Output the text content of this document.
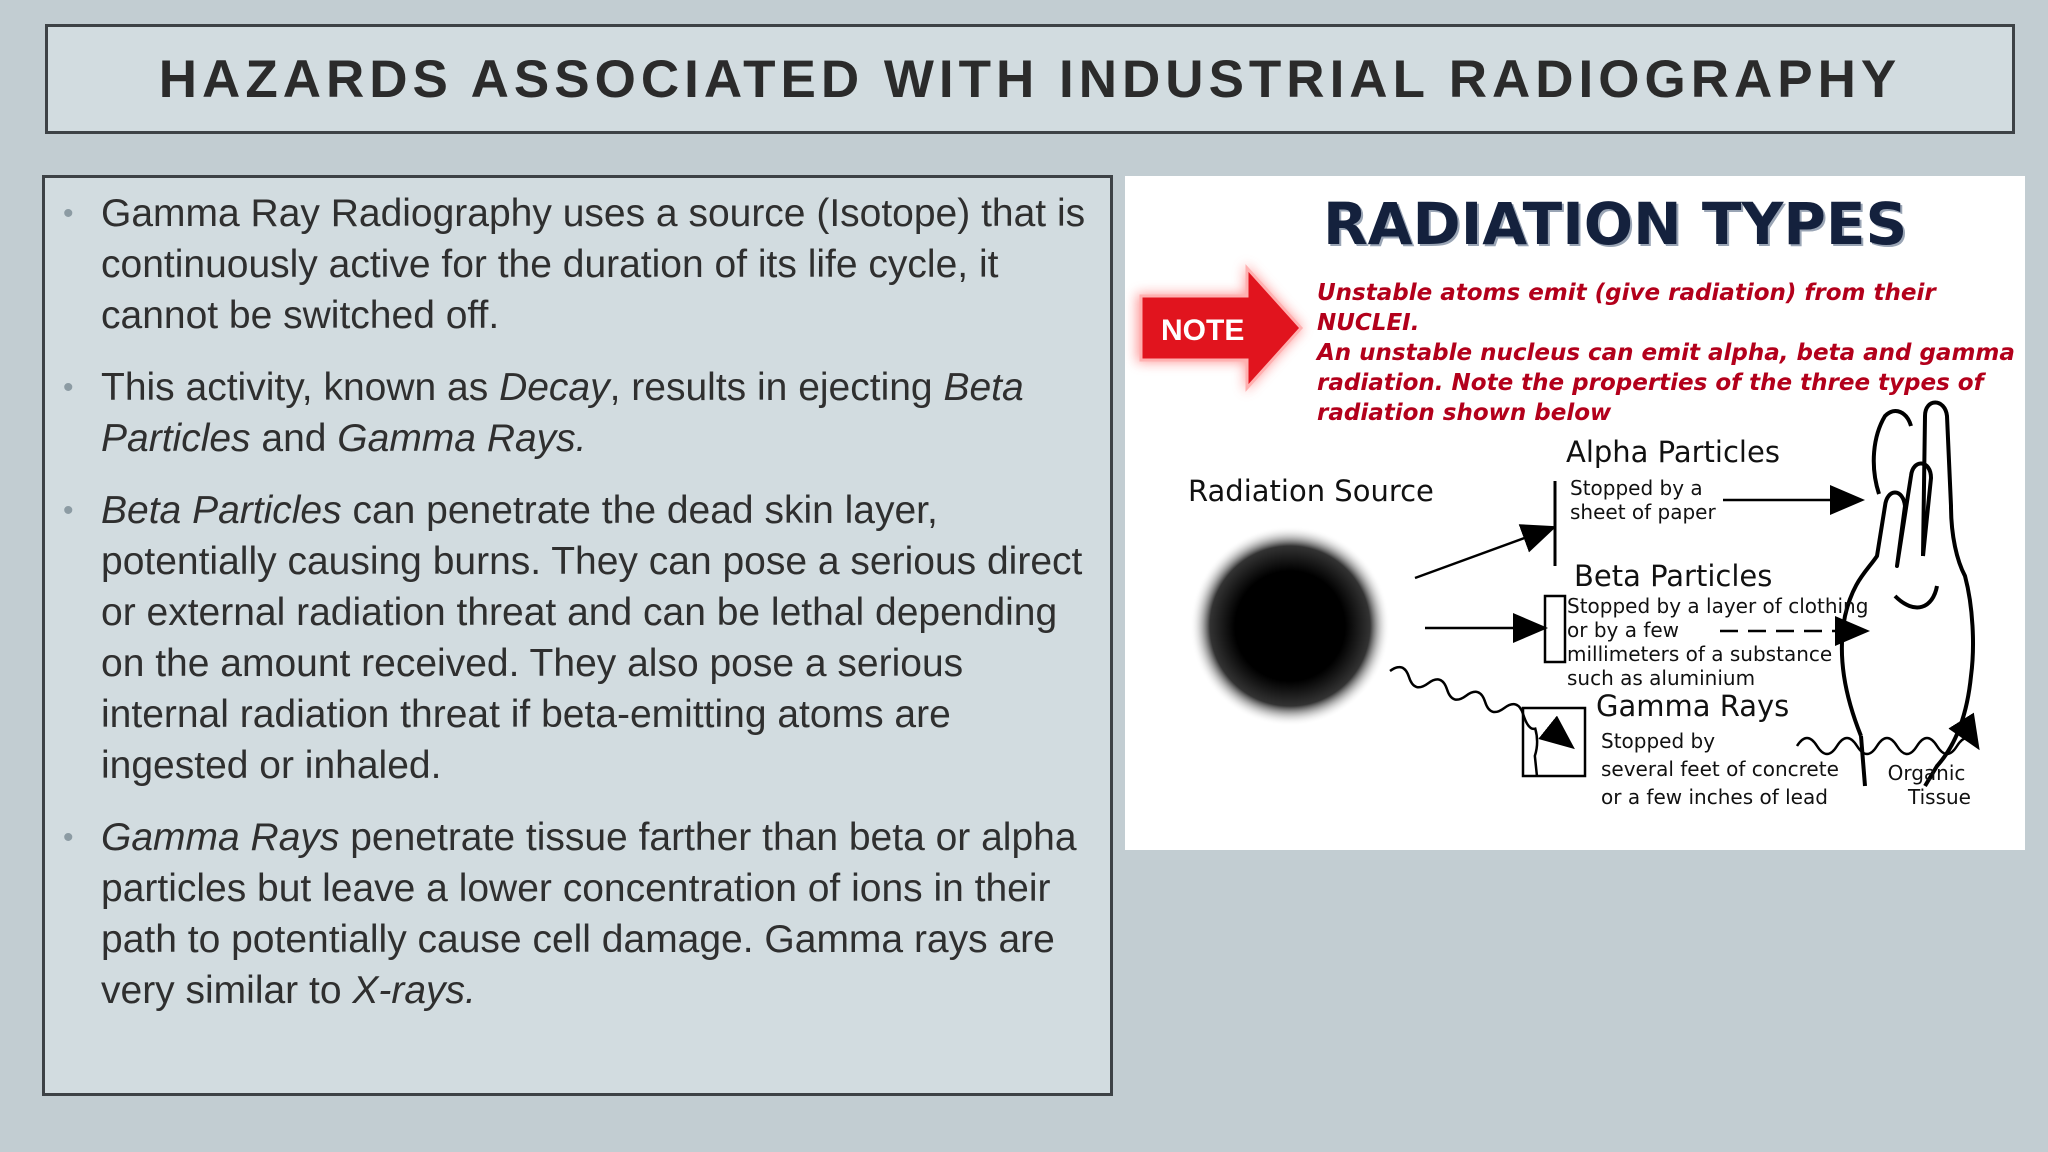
HAZARDS ASSOCIATED WITH INDUSTRIAL RADIOGRAPHY
• Gamma Ray Radiography uses a source (Isotope) that is continuously active for the duration of its life cycle, it cannot be switched off.
• This activity, known as Decay, results in ejecting Beta Particles and Gamma Rays.
• Beta Particles can penetrate the dead skin layer, potentially causing burns. They can pose a serious direct or external radiation threat and can be lethal depending on the amount received. They also pose a serious internal radiation threat if beta-emitting atoms are ingested or inhaled.
• Gamma Rays penetrate tissue farther than beta or alpha particles but leave a lower concentration of ions in their path to potentially cause cell damage. Gamma rays are very similar to X-rays.
RADIATION TYPES
NOTE
Unstable atoms emit (give radiation) from their NUCLEI.
An unstable nucleus can emit alpha, beta and gamma
radiation. Note the properties of the three types of
radiation shown below
Radiation Source
Alpha Particles
Stopped by a
sheet of paper
Beta Particles
Stopped by a layer of clothing
or by a few
millimeters of a substance
such as aluminium
Gamma Rays
Stopped by
several feet of concrete
or a few inches of lead
Organic
Tissue
